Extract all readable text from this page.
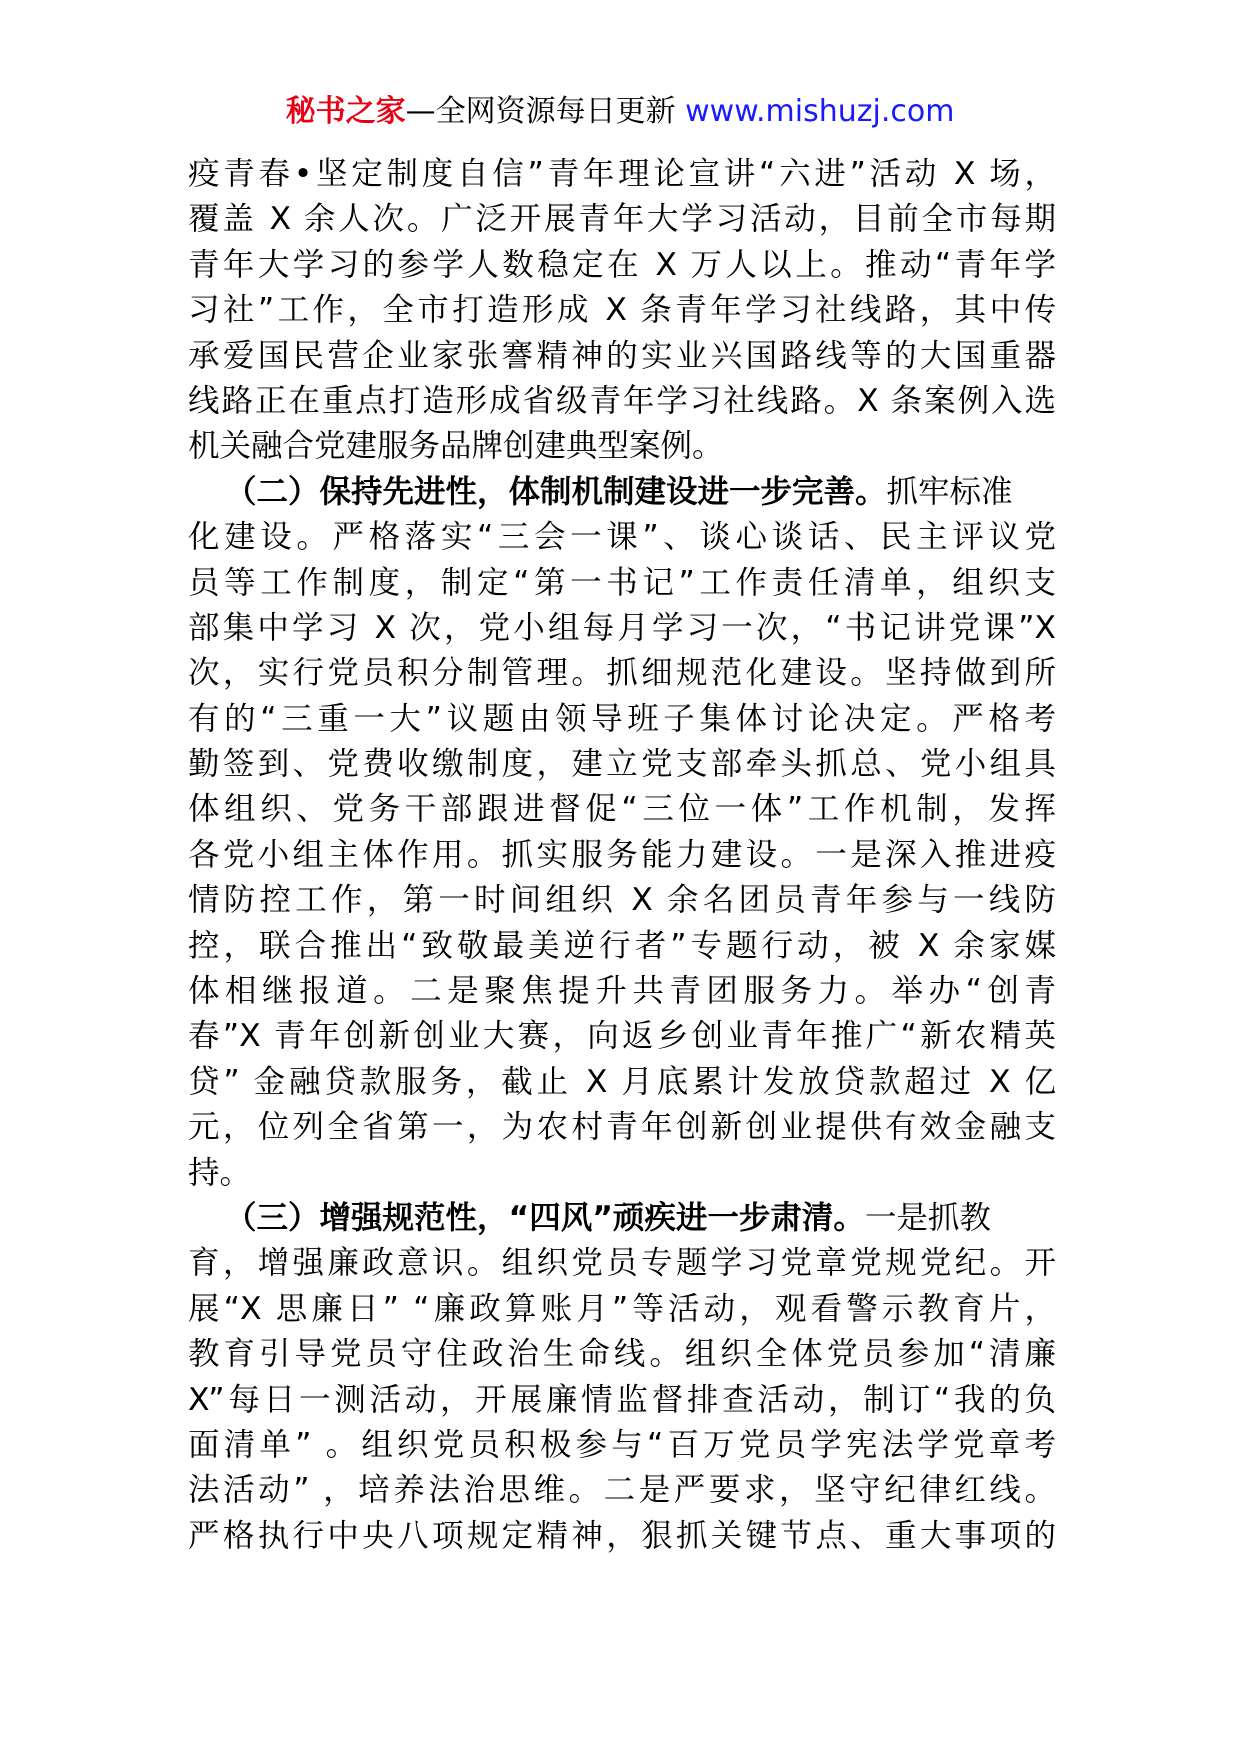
秘书之家—全网资源每日更新 www.mishuzj.com
疫青春•坚定制度自信”青年理论宣讲“六进”活动 X 场，
覆盖 X 余人次。广泛开展青年大学习活动，目前全市每期
青年大学习的参学人数稳定在 X 万人以上。推动“青年学
习社”工作，全市打造形成 X 条青年学习社线路，其中传
承爱国民营企业家张謇精神的实业兴国路线等的大国重器
线路正在重点打造形成省级青年学习社线路。X 条案例入选
机关融合党建服务品牌创建典型案例。
（二）保持先进性，体制机制建设进一步完善。抓牢标准
化建设。严格落实“三会一课”、谈心谈话、民主评议党
员等工作制度，制定“第一书记”工作责任清单，组织支
部集中学习 X 次，党小组每月学习一次，“书记讲党课”X
次，实行党员积分制管理。抓细规范化建设。坚持做到所
有的“三重一大”议题由领导班子集体讨论决定。严格考
勤签到、党费收缴制度，建立党支部牵头抓总、党小组具
体组织、党务干部跟进督促“三位一体”工作机制，发挥
各党小组主体作用。抓实服务能力建设。一是深入推进疫
情防控工作，第一时间组织 X 余名团员青年参与一线防
控，联合推出“致敬最美逆行者”专题行动，被 X 余家媒
体相继报道。二是聚焦提升共青团服务力。举办“创青
春”X 青年创新创业大赛，向返乡创业青年推广“新农精英
贷” 金融贷款服务，截止 X 月底累计发放贷款超过 X 亿
元，位列全省第一，为农村青年创新创业提供有效金融支
持。
（三）增强规范性，“四风”顽疾进一步肃清。一是抓教
育，增强廉政意识。组织党员专题学习党章党规党纪。开
展“X 思廉日” “廉政算账月”等活动，观看警示教育片，
教育引导党员守住政治生命线。组织全体党员参加“清廉
X”每日一测活动，开展廉情监督排查活动，制订“我的负
面清单” 。组织党员积极参与“百万党员学宪法学党章考
法活动” ，培养法治思维。二是严要求，坚守纪律红线。
严格执行中央八项规定精神，狠抓关键节点、重大事项的
